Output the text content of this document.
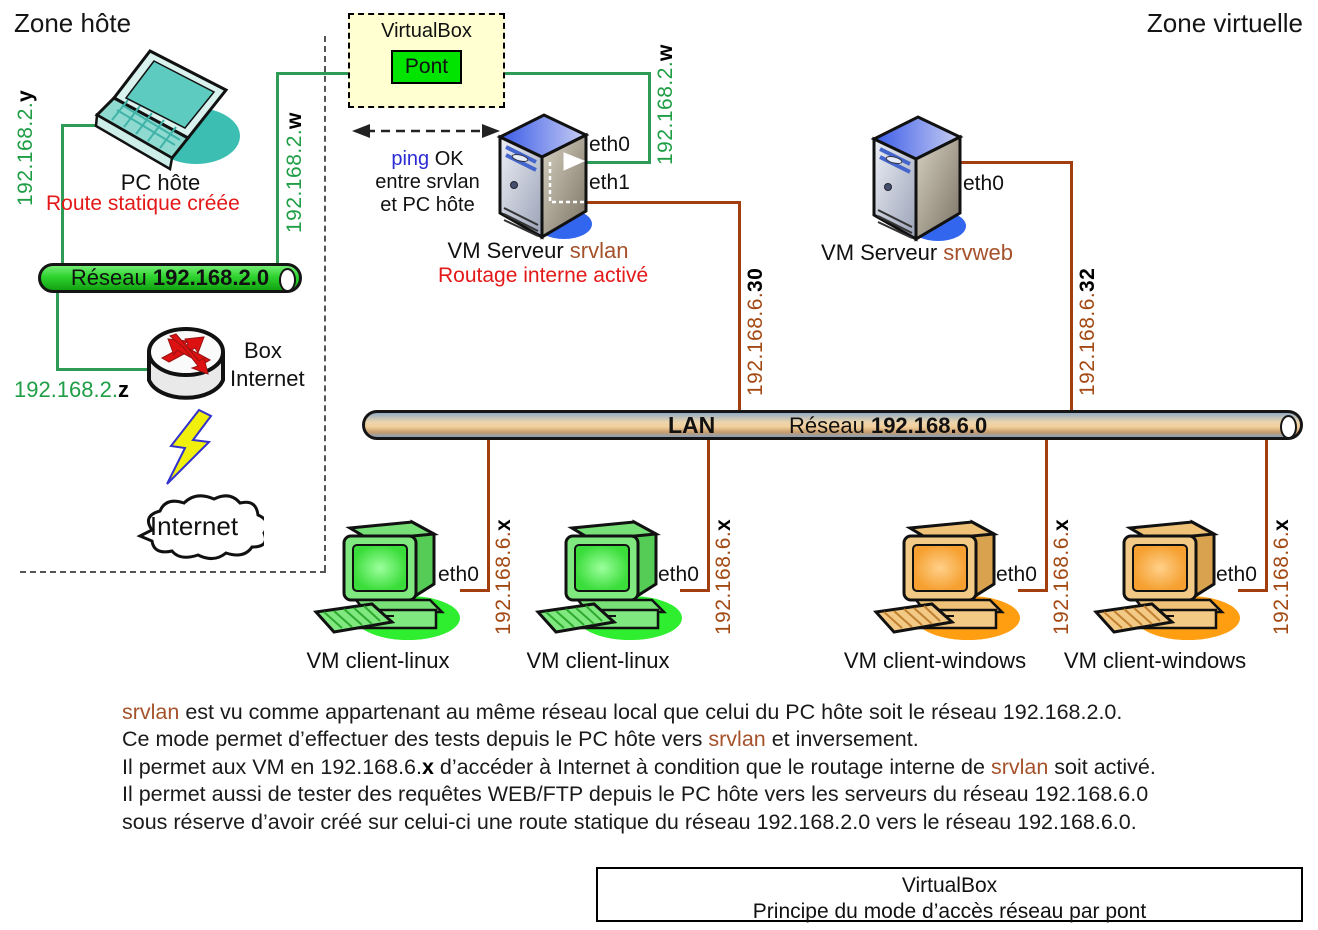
Zone hôte	Zone virtuelle
PC hôte
Route statique créée
192.168.2.
y
192.168.2.
w	192.168.2.
w
192.168.2.z
VirtualBox
Pont
ping OK
entre srvlan
et PC hôte
eth0
eth1
VM Serveur srvlan
Routage interne activé
192.168.6.
30
eth0
VM Serveur srvweb
192.168.6.
32
Réseau 192.168.2.0
LAN	Réseau 192.168.6.0
Box
Internet
Internet
eth0	eth0	eth0	eth0
192.168.6.
x
192.168.6.
x
192.168.6.
x
192.168.6.
x
VM client-linux	VM client-linux	VM client-windows	VM client-windows
srvlan est vu comme appartenant au même réseau local que celui du PC hôte soit le réseau 192.168.2.0.
Ce mode permet d’effectuer des tests depuis le PC hôte vers srvlan et inversement.
Il permet aux VM en 192.168.6.x d’accéder à Internet à condition que le routage interne de srvlan soit activé.
Il permet aussi de tester des requêtes WEB/FTP depuis le PC hôte vers les serveurs du réseau 192.168.6.0
sous réserve d’avoir créé sur celui-ci une route statique du réseau 192.168.2.0 vers le réseau 192.168.6.0.
VirtualBox
Principe du mode d’accès réseau par pont
